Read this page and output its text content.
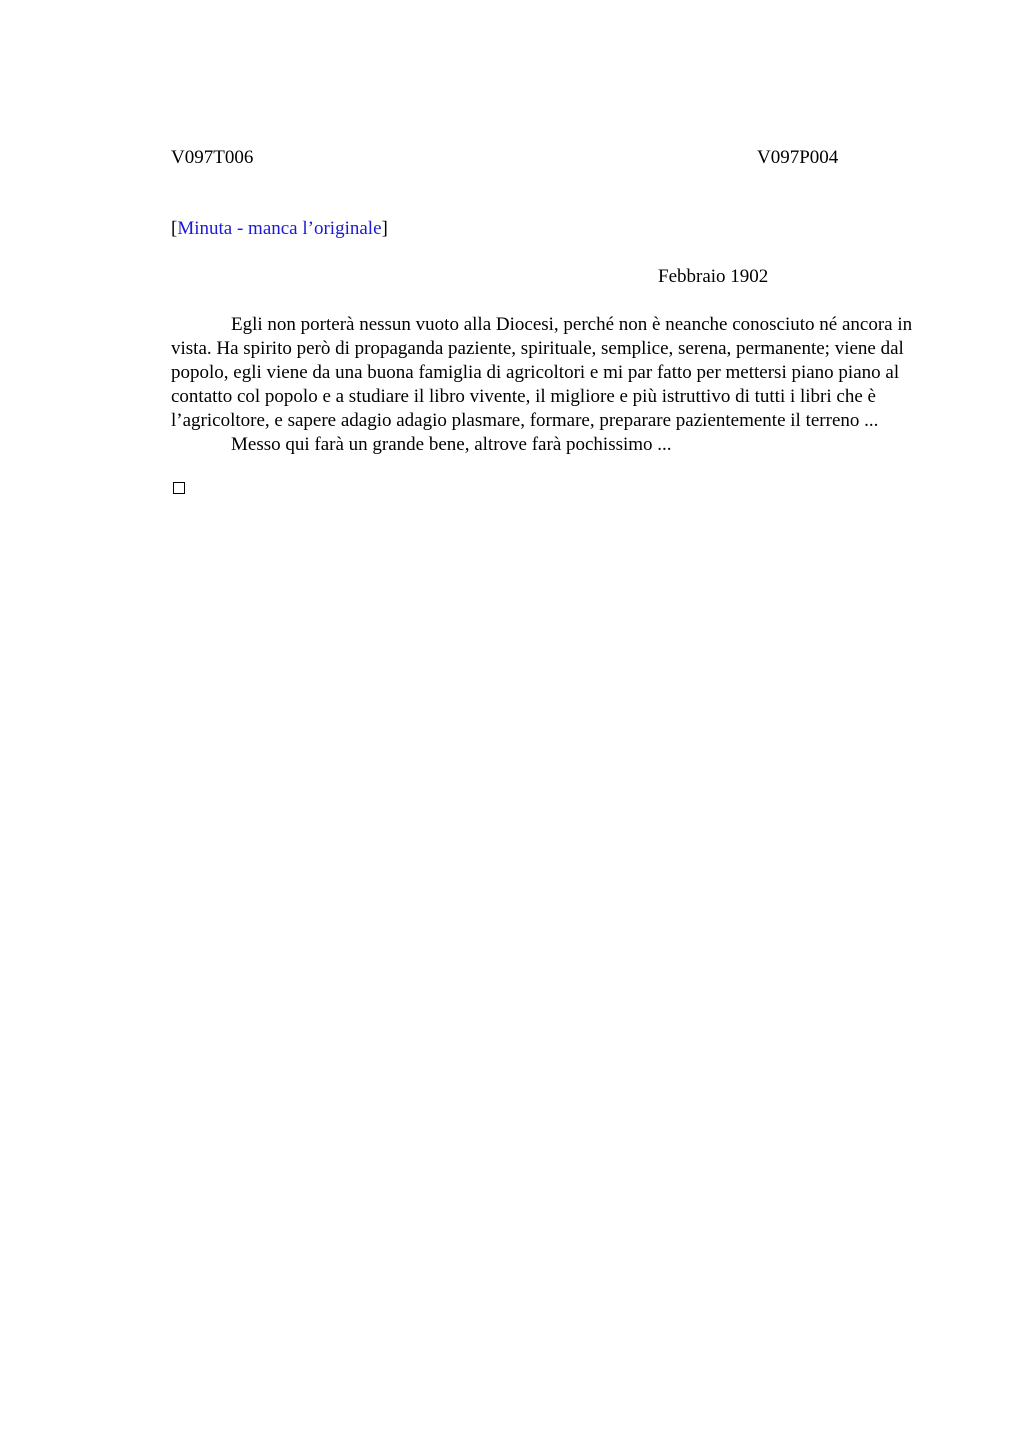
V097T006	V097P004
[Minuta - manca l’originale]
Febbraio 1902

Egli non porterà nessun vuoto alla Diocesi, perché non è neanche conosciuto né ancora in vista. Ha spirito però di propaganda paziente, spirituale, semplice, serena, permanente; viene dal popolo, egli viene da una buona famiglia di agricoltori e mi par fatto per mettersi piano piano al contatto col popolo e a studiare il libro vivente, il migliore e più istruttivo di tutti i libri che è l’agricoltore, e sapere adagio adagio plasmare, formare, preparare pazientemente il terreno ...

Messo qui farà un grande bene, altrove farà pochissimo ...
